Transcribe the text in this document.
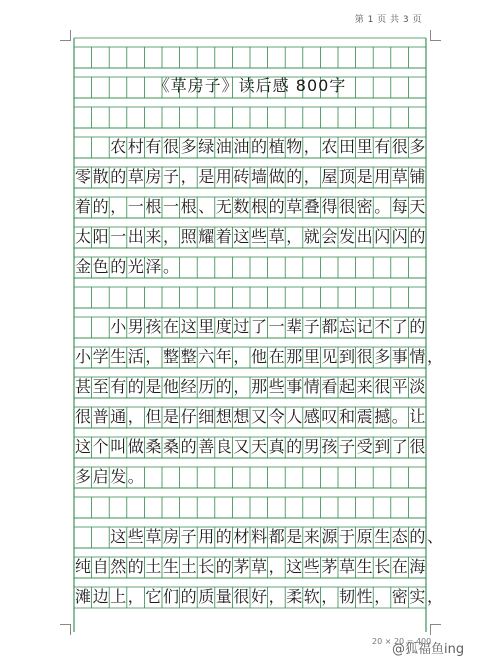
第 1 页 共 3 页
《草房子》读后感 800字
农村有很多绿油油的植物，农田里有很多
零散的草房子，是用砖墙做的，屋顶是用草铺
着的，一根一根、无数根的草叠得很密。每天
太阳一出来，照耀着这些草，就会发出闪闪的
金色的光泽。
小男孩在这里度过了一辈子都忘记不了的
小学生活，整整六年，他在那里见到很多事情，
甚至有的是他经历的，那些事情看起来很平淡
很普通，但是仔细想想又令人感叹和震撼。让
这个叫做桑桑的善良又天真的男孩子受到了很
多启发。
这些草房子用的材料都是来源于原生态的、
纯自然的土生土长的茅草，这些茅草生长在海
滩边上，它们的质量很好，柔软，韧性，密实，
20 × 20 = 400
@狐福鱼ing
